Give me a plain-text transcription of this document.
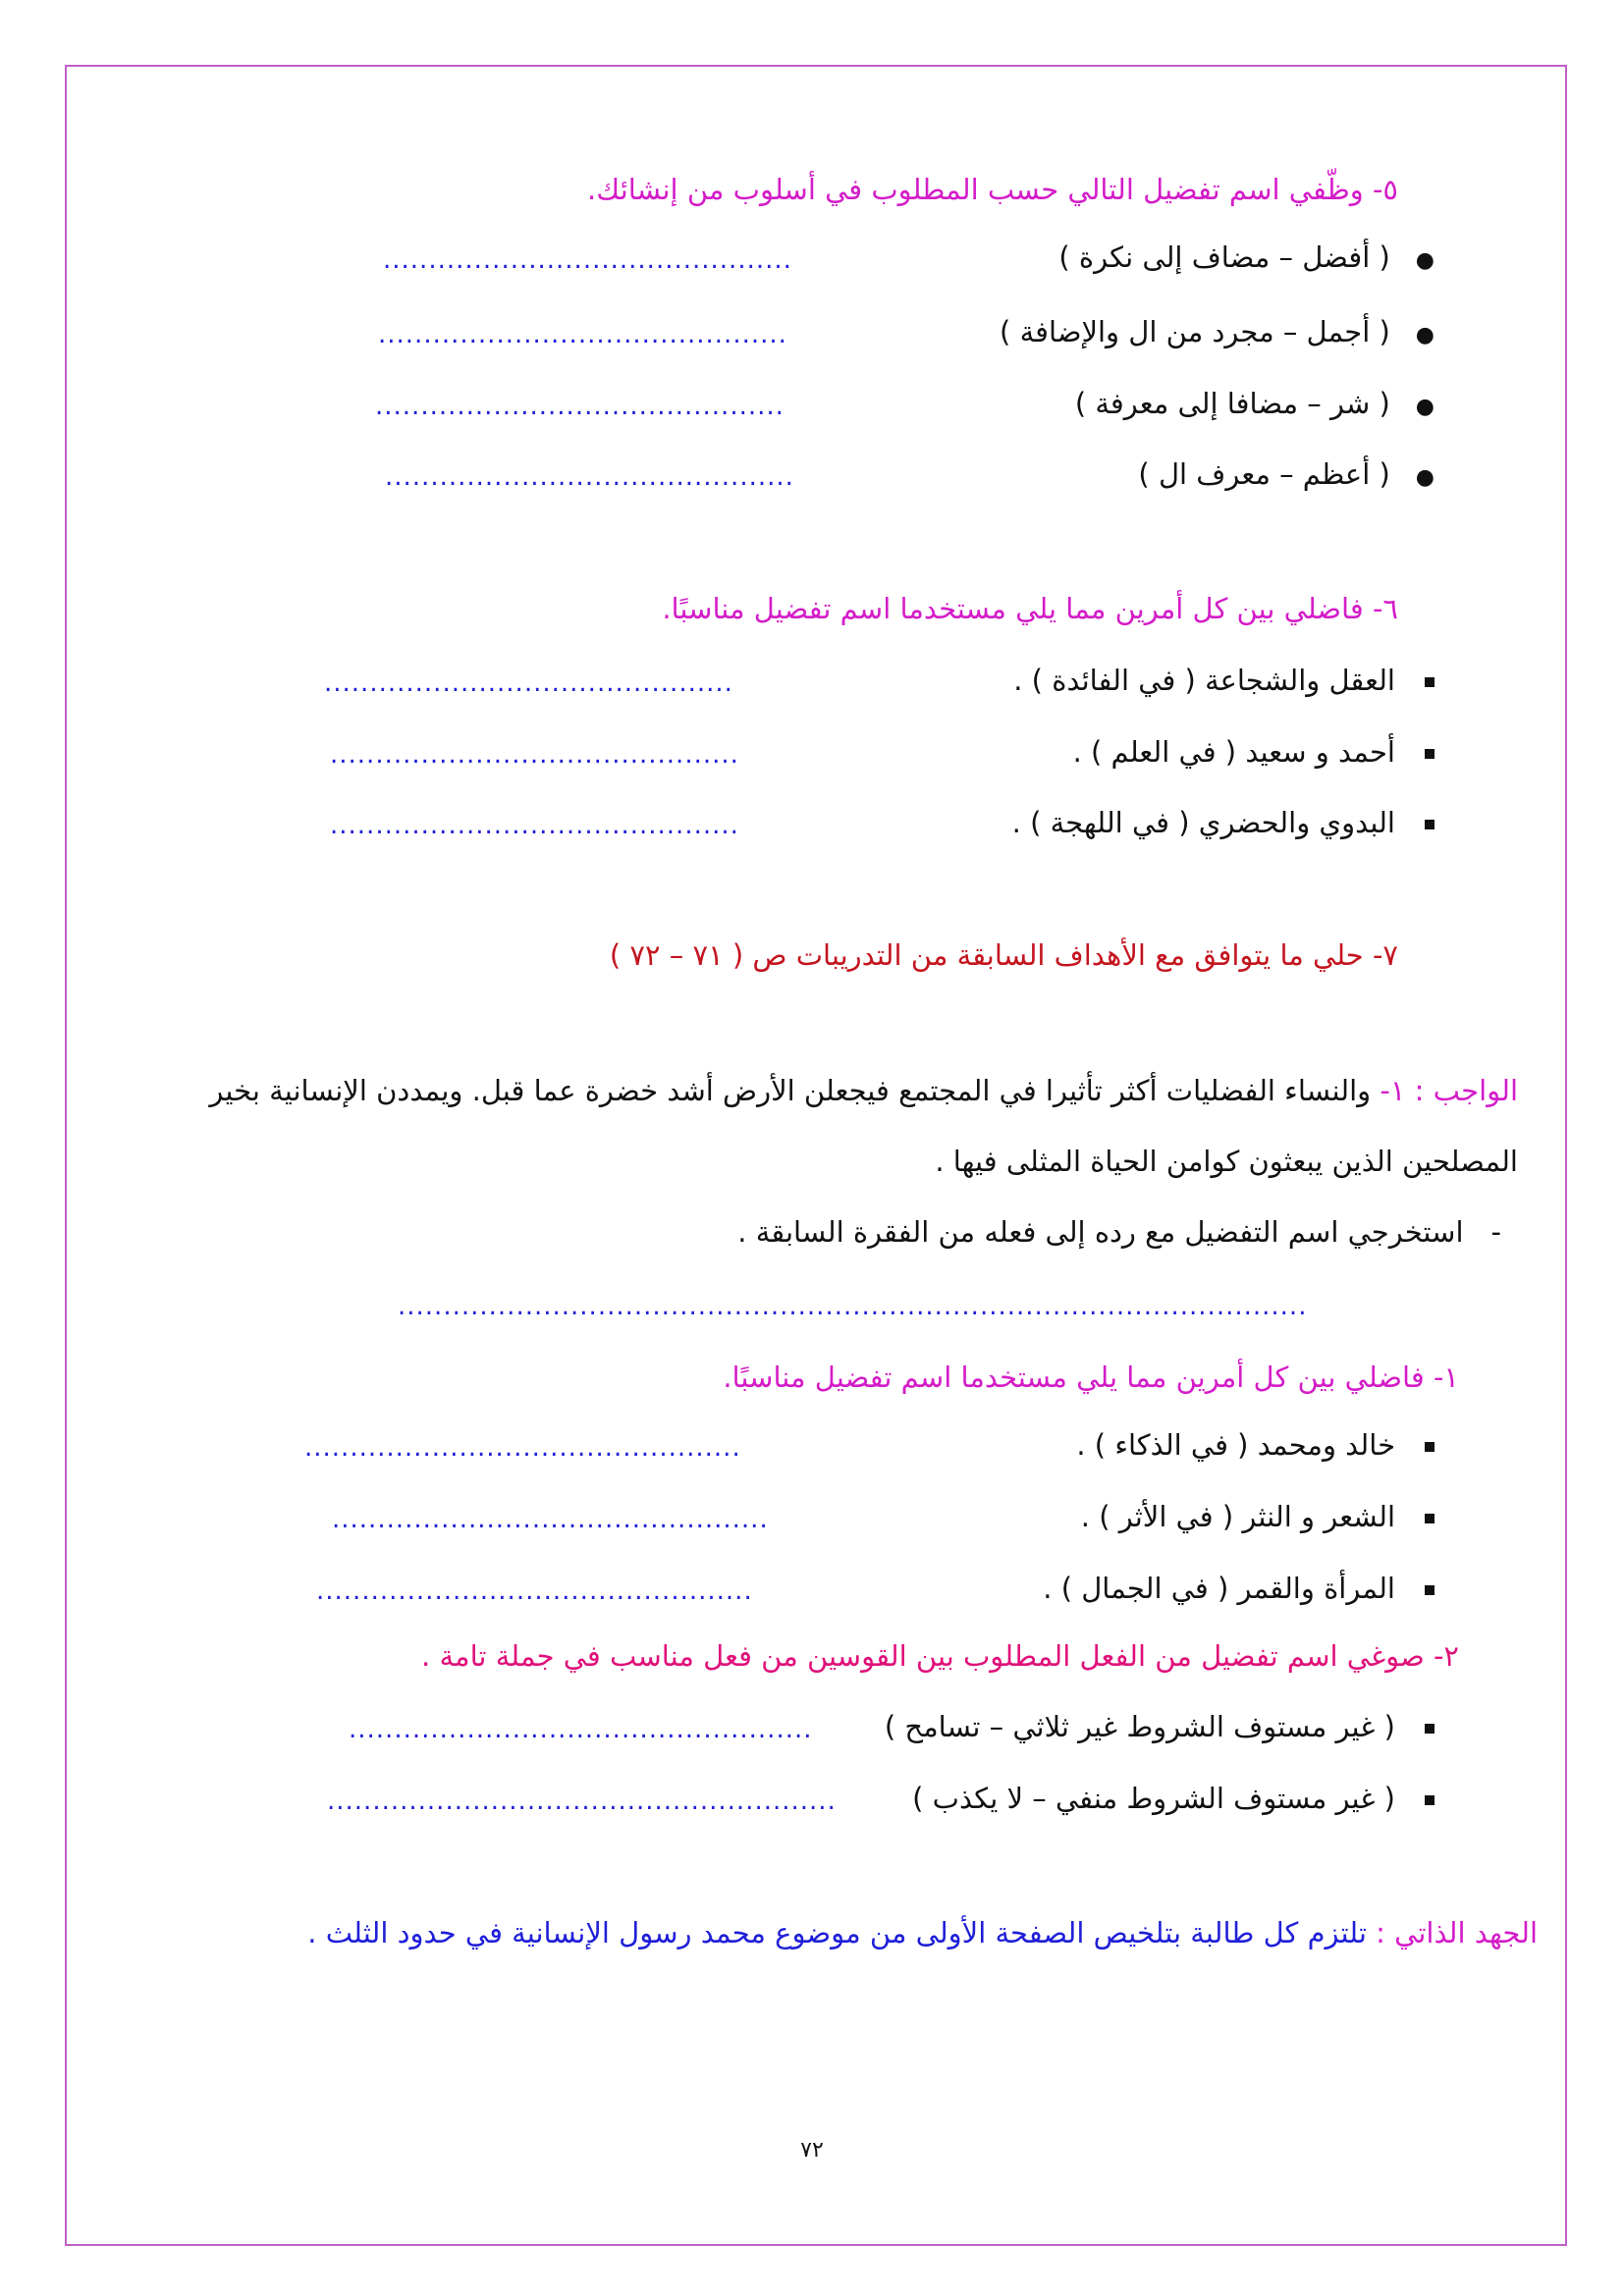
٥- وظّفي اسم تفضيل التالي حسب المطلوب في أسلوب من إنشائك.
●( أفضل – مضاف إلى نكرة )
.............................................
●( أجمل – مجرد من ال والإضافة )
.............................................
●( شر – مضافا إلى معرفة )
.............................................
●( أعظم – معرف ال )
.............................................
٦- فاضلي بين كل أمرين مما يلي مستخدما اسم تفضيل مناسبًا.
العقل والشجاعة ( في الفائدة ) .
.............................................
أحمد و سعيد ( في العلم ) .
.............................................
البدوي والحضري ( في اللهجة ) .
.............................................
٧- حلي ما يتوافق مع الأهداف السابقة من التدريبات ص ( ٧١ – ٧٢ )
الواجب : ١- والنساء الفضليات أكثر تأثيرا في المجتمع فيجعلن الأرض أشد خضرة عما قبل. ويمددن الإنسانية بخير
المصلحين الذين يبعثون كوامن الحياة المثلى فيها .
-استخرجي اسم التفضيل مع رده إلى فعله من الفقرة السابقة .
....................................................................................................
١- فاضلي بين كل أمرين مما يلي مستخدما اسم تفضيل مناسبًا.
خالد ومحمد ( في الذكاء ) .
................................................
الشعر و النثر ( في الأثر ) .
................................................
المرأة والقمر ( في الجمال ) .
................................................
٢- صوغي اسم تفضيل من الفعل المطلوب بين القوسين من فعل مناسب في جملة تامة .
( غير مستوف الشروط غير ثلاثي – تسامح )
...................................................
( غير مستوف الشروط منفي – لا يكذب )
........................................................
الجهد الذاتي : تلتزم كل طالبة بتلخيص الصفحة الأولى من موضوع محمد رسول الإنسانية في حدود الثلث .
٧٢
